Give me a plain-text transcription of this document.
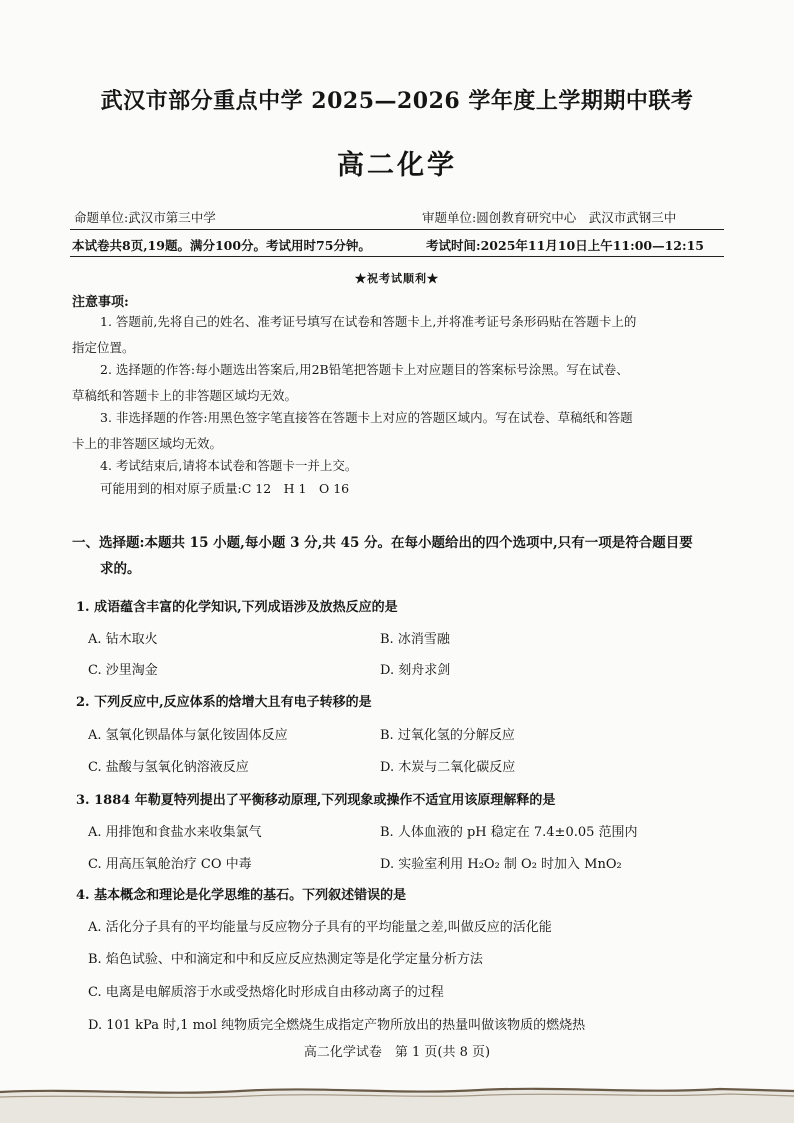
武汉市部分重点中学 2025—2026 学年度上学期期中联考
高二化学
命题单位:武汉市第三中学	审题单位:圆创教育研究中心　武汉市武钢三中
本试卷共8页,19题。满分100分。考试用时75分钟。	考试时间:2025年11月10日上午11:00—12:15
★祝考试顺利★
注意事项:
1. 答题前,先将自己的姓名、准考证号填写在试卷和答题卡上,并将准考证号条形码贴在答题卡上的
指定位置。
2. 选择题的作答:每小题选出答案后,用2B铅笔把答题卡上对应题目的答案标号涂黑。写在试卷、
草稿纸和答题卡上的非答题区域均无效。
3. 非选择题的作答:用黑色签字笔直接答在答题卡上对应的答题区域内。写在试卷、草稿纸和答题
卡上的非答题区域均无效。
4. 考试结束后,请将本试卷和答题卡一并上交。
可能用到的相对原子质量:C 12　H 1　O 16
一、选择题:本题共 15 小题,每小题 3 分,共 45 分。在每小题给出的四个选项中,只有一项是符合题目要
求的。
1. 成语蕴含丰富的化学知识,下列成语涉及放热反应的是
A. 钻木取火	B. 冰消雪融
C. 沙里淘金	D. 刻舟求剑
2. 下列反应中,反应体系的焓增大且有电子转移的是
A. 氢氧化钡晶体与氯化铵固体反应	B. 过氧化氢的分解反应
C. 盐酸与氢氧化钠溶液反应	D. 木炭与二氧化碳反应
3. 1884 年勒夏特列提出了平衡移动原理,下列现象或操作不适宜用该原理解释的是
A. 用排饱和食盐水来收集氯气	B. 人体血液的 pH 稳定在 7.4±0.05 范围内
C. 用高压氧舱治疗 CO 中毒	D. 实验室利用 H₂O₂ 制 O₂ 时加入 MnO₂
4. 基本概念和理论是化学思维的基石。下列叙述错误的是
A. 活化分子具有的平均能量与反应物分子具有的平均能量之差,叫做反应的活化能
B. 焰色试验、中和滴定和中和反应反应热测定等是化学定量分析方法
C. 电离是电解质溶于水或受热熔化时形成自由移动离子的过程
D. 101 kPa 时,1 mol 纯物质完全燃烧生成指定产物所放出的热量叫做该物质的燃烧热
高二化学试卷　第 1 页(共 8 页)
